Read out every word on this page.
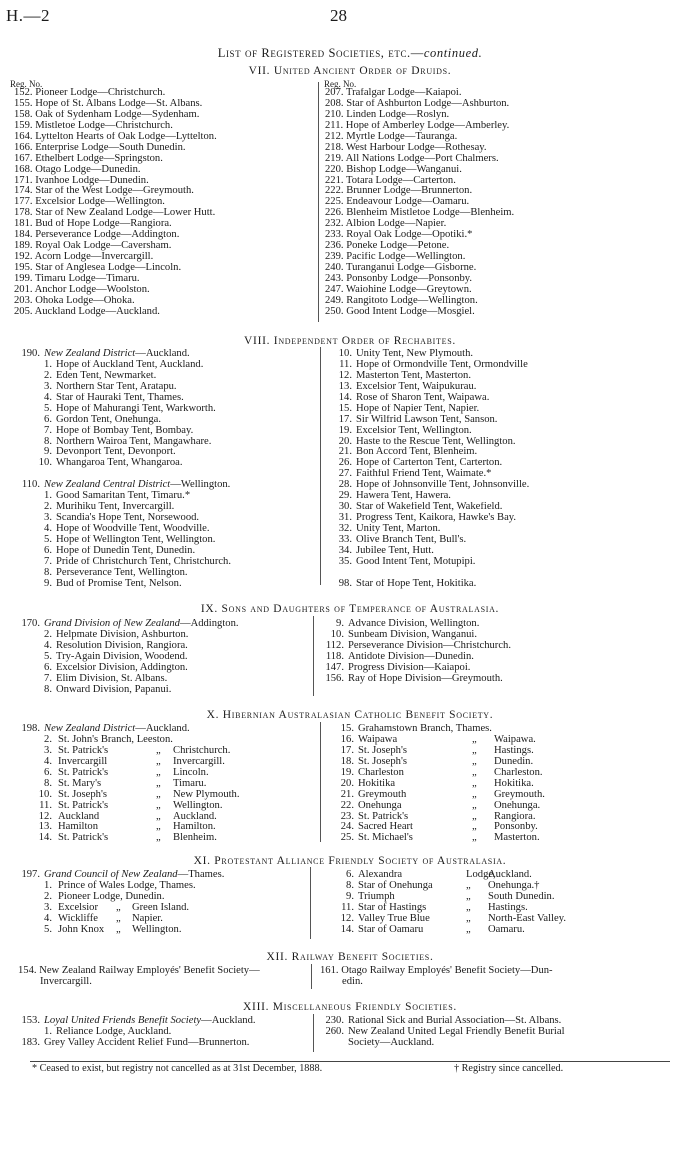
H.—2	28
List of Registered Societies, etc.—continued.
VII. United Ancient Order of Druids.
Reg. No.	Reg. No.
152. Pioneer Lodge—Christchurch.
155. Hope of St. Albans Lodge—St. Albans.
158. Oak of Sydenham Lodge—Sydenham.
159. Mistletoe Lodge—Christchurch.
164. Lyttelton Hearts of Oak Lodge—Lyttelton.
166. Enterprise Lodge—South Dunedin.
167. Ethelbert Lodge—Springston.
168. Otago Lodge—Dunedin.
171. Ivanhoe Lodge—Dunedin.
174. Star of the West Lodge—Greymouth.
177. Excelsior Lodge—Wellington.
178. Star of New Zealand Lodge—Lower Hutt.
181. Bud of Hope Lodge—Rangiora.
184. Perseverance Lodge—Addington.
189. Royal Oak Lodge—Caversham.
192. Acorn Lodge—Invercargill.
195. Star of Anglesea Lodge—Lincoln.
199. Timaru Lodge—Timaru.
201. Anchor Lodge—Woolston.
203. Ohoka Lodge—Ohoka.
205. Auckland Lodge—Auckland.
207. Trafalgar Lodge—Kaiapoi.
208. Star of Ashburton Lodge—Ashburton.
210. Linden Lodge—Roslyn.
211. Hope of Amberley Lodge—Amberley.
212. Myrtle Lodge—Tauranga.
218. West Harbour Lodge—Rothesay.
219. All Nations Lodge—Port Chalmers.
220. Bishop Lodge—Wanganui.
221. Totara Lodge—Carterton.
222. Brunner Lodge—Brunnerton.
225. Endeavour Lodge—Oamaru.
226. Blenheim Mistletoe Lodge—Blenheim.
232. Albion Lodge—Napier.
233. Royal Oak Lodge—Opotiki.*
236. Poneke Lodge—Petone.
239. Pacific Lodge—Wellington.
240. Turanganui Lodge—Gisborne.
243. Ponsonby Lodge—Ponsonby.
247. Waiohine Lodge—Greytown.
249. Rangitoto Lodge—Wellington.
250. Good Intent Lodge—Mosgiel.
VIII. Independent Order of Rechabites.
190. New Zealand District—Auckland.
1. Hope of Auckland Tent, Auckland.
2. Eden Tent, Newmarket.
3. Northern Star Tent, Aratapu.
4. Star of Hauraki Tent, Thames.
5. Hope of Mahurangi Tent, Warkworth.
6. Gordon Tent, Onehunga.
7. Hope of Bombay Tent, Bombay.
8. Northern Wairoa Tent, Mangawhare.
9. Devonport Tent, Devonport.
10. Whangaroa Tent, Whangaroa.
110. New Zealand Central District—Wellington.
1. Good Samaritan Tent, Timaru.*
2. Murihiku Tent, Invercargill.
3. Scandia's Hope Tent, Norsewood.
4. Hope of Woodville Tent, Woodville.
5. Hope of Wellington Tent, Wellington.
6. Hope of Dunedin Tent, Dunedin.
7. Pride of Christchurch Tent, Christchurch.
8. Perseverance Tent, Wellington.
9. Bud of Promise Tent, Nelson.
10. Unity Tent, New Plymouth.
11. Hope of Ormondville Tent, Ormondville
12. Masterton Tent, Masterton.
13. Excelsior Tent, Waipukurau.
14. Rose of Sharon Tent, Waipawa.
15. Hope of Napier Tent, Napier.
17. Sir Wilfrid Lawson Tent, Sanson.
19. Excelsior Tent, Wellington.
20. Haste to the Rescue Tent, Wellington.
21. Bon Accord Tent, Blenheim.
26. Hope of Carterton Tent, Carterton.
27. Faithful Friend Tent, Waimate.*
28. Hope of Johnsonville Tent, Johnsonville.
29. Hawera Tent, Hawera.
30. Star of Wakefield Tent, Wakefield.
31. Progress Tent, Kaikora, Hawke's Bay.
32. Unity Tent, Marton.
33. Olive Branch Tent, Bull's.
34. Jubilee Tent, Hutt.
35. Good Intent Tent, Motupipi.
98. Star of Hope Tent, Hokitika.
IX. Sons and Daughters of Temperance of Australasia.
170. Grand Division of New Zealand—Addington.
2. Helpmate Division, Ashburton.
4. Resolution Division, Rangiora.
5. Try-Again Division, Woodend.
6. Excelsior Division, Addington.
7. Elim Division, St. Albans.
8. Onward Division, Papanui.
9. Advance Division, Wellington.
10. Sunbeam Division, Wanganui.
112. Perseverance Division—Christchurch.
118. Antidote Division—Dunedin.
147. Progress Division—Kaiapoi.
156. Ray of Hope Division—Greymouth.
X. Hibernian Australasian Catholic Benefit Society.
198. New Zealand District—Auckland.
2. St. John's Branch, Leeston.
3. St. Patrick's	„ Christchurch.
4. Invercargill	„ Invercargill.
6. St. Patrick's	„ Lincoln.
8. St. Mary's	„ Timaru.
10. St. Joseph's	„ New Plymouth.
11. St. Patrick's	„ Wellington.
12. Auckland	„ Auckland.
13. Hamilton	„ Hamilton.
14. St. Patrick's	„ Blenheim.
15. Grahamstown Branch, Thames.
16. Waipawa	„ Waipawa.
17. St. Joseph's	„ Hastings.
18. St. Joseph's	„ Dunedin.
19. Charleston	„ Charleston.
20. Hokitika	„ Hokitika.
21. Greymouth	„ Greymouth.
22. Onehunga	„ Onehunga.
23. St. Patrick's	„ Rangiora.
24. Sacred Heart	„ Ponsonby.
25. St. Michael's	„ Masterton.
XI. Protestant Alliance Friendly Society of Australasia.
197. Grand Council of New Zealand—Thames.
1. Prince of Wales Lodge, Thames.
2. Pioneer Lodge, Dunedin.
3. Excelsior „ Green Island.
4. Wickliffe „ Napier.
5. John Knox „ Wellington.
6. Alexandra	Lodge,
Auckland.
8. Star of Onehunga	„ Onehunga.†
9. Triumph	„ South Dunedin.
11. Star of Hastings	„ Hastings.
12. Valley True Blue	„ North-East Valley.
14. Star of Oamaru	„ Oamaru.
XII. Railway Benefit Societies.
154. New Zealand Railway Employés' Benefit Society—
Invercargill.
161. Otago Railway Employés' Benefit Society—Dun-
edin.
XIII. Miscellaneous Friendly Societies.
153. Loyal United Friends Benefit Society—Auckland.
1. Reliance Lodge, Auckland.
183. Grey Valley Accident Relief Fund—Brunnerton.
230. Rational Sick and Burial Association—St. Albans.
260. New Zealand United Legal Friendly Benefit Burial
Society—Auckland.
* Ceased to exist, but registry not cancelled as at 31st December, 1888.	† Registry since cancelled.
